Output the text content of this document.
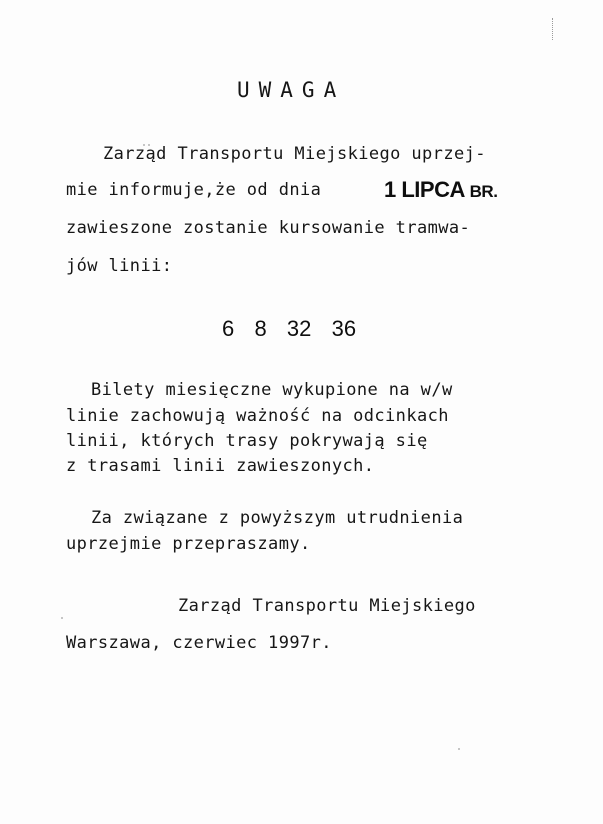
UWAGA
Zarząd Transportu Miejskiego uprzej-
mie informuje,że od dnia	1 LIPCA BR.
zawieszone zostanie kursowanie tramwa-
jów linii:
6  8  32  36
Bilety miesięczne wykupione na w/w
linie zachowują ważność na odcinkach
linii, których trasy pokrywają się
z trasami linii zawieszonych.
Za związane z powyższym utrudnienia
uprzejmie przepraszamy.
Zarząd Transportu Miejskiego
Warszawa, czerwiec 1997r.
